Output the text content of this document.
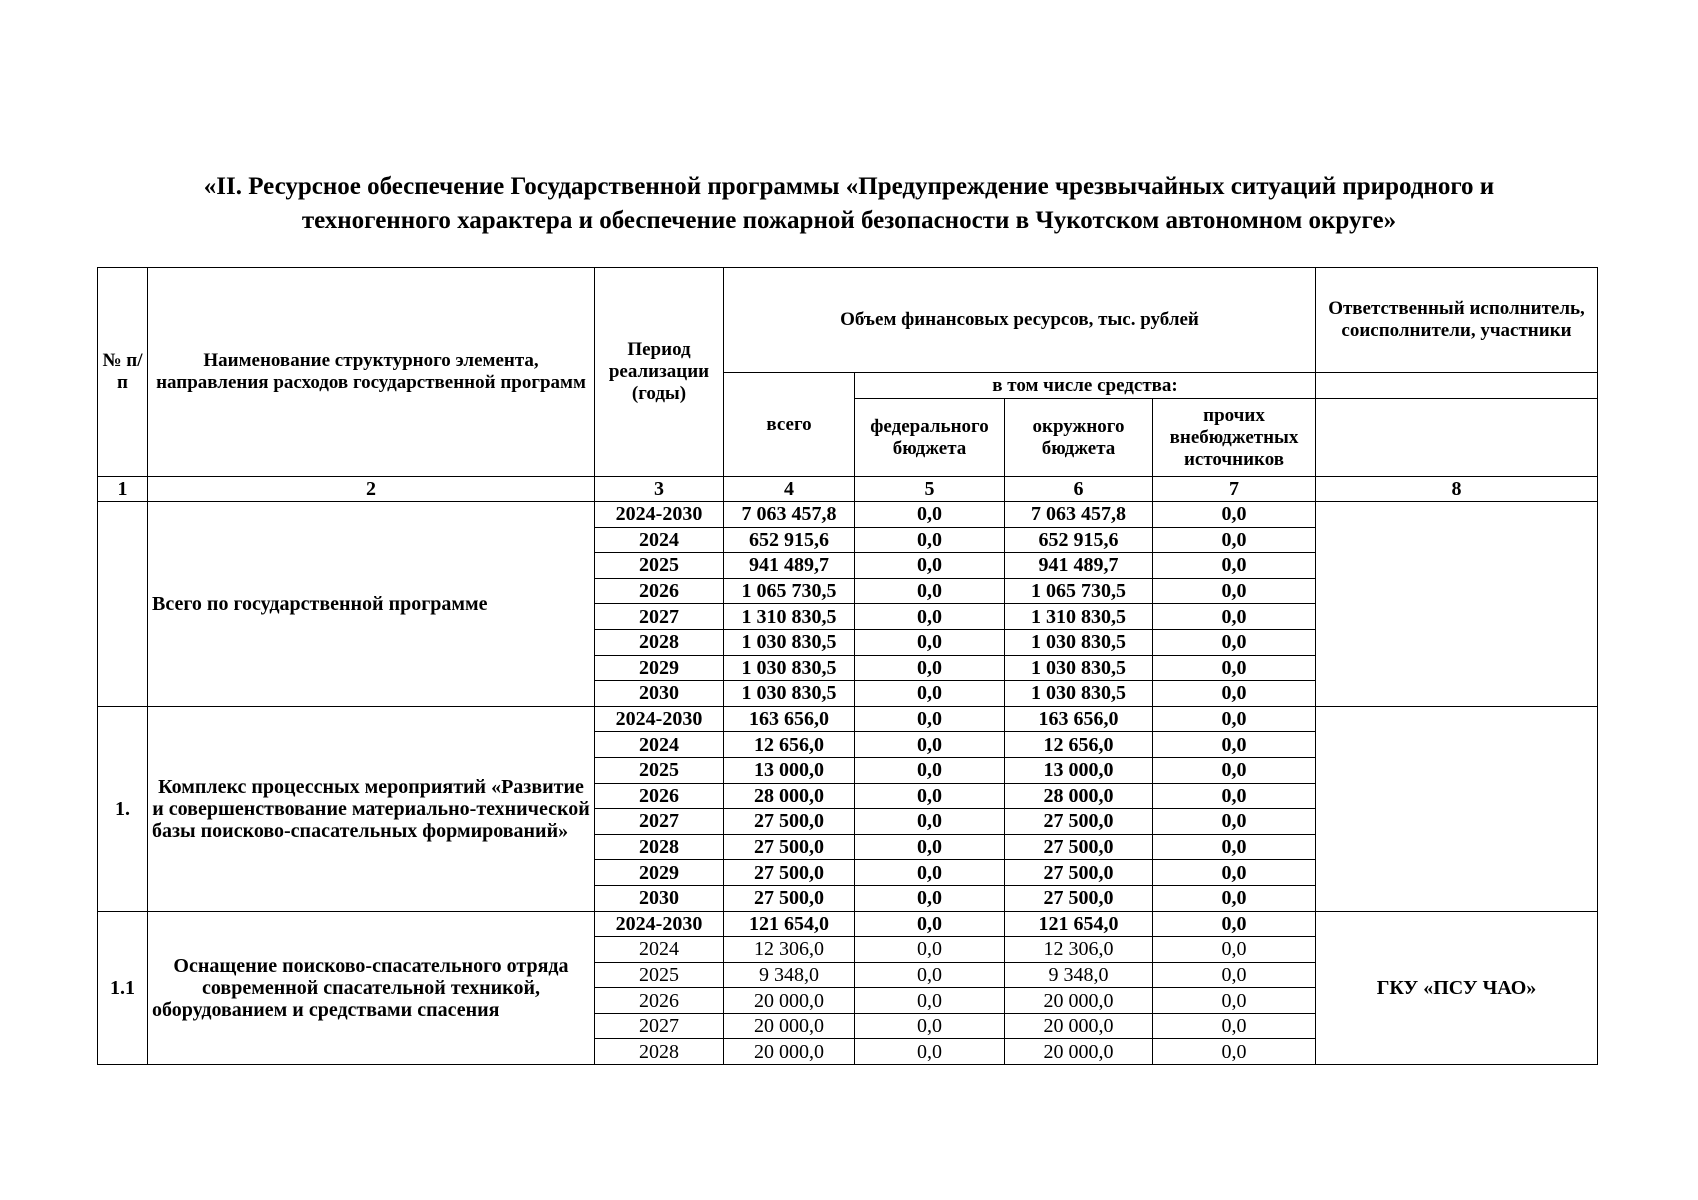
«II. Ресурсное обеспечение Государственной программы «Предупреждение чрезвычайных ситуаций природного и
техногенного характера и обеспечение пожарной безопасности в Чукотском автономном округе»
№ п/п	Наименование структурного элемента, направления расходов государственной программ	Период реализации (годы)	Объем финансовых ресурсов, тыс. рублей				Ответственный исполнитель, соисполнители, участники
			всего	в том числе средства:			
				федерального бюджета	окружного бюджета	прочих внебюджетных источников	
1	2	3	4	5	6	7	8
	Всего по государственной программе	2024-2030	7 063 457,8	0,0	7 063 457,8	0,0	
		2024	652 915,6	0,0	652 915,6	0,0	
		2025	941 489,7	0,0	941 489,7	0,0	
		2026	1 065 730,5	0,0	1 065 730,5	0,0	
		2027	1 310 830,5	0,0	1 310 830,5	0,0	
		2028	1 030 830,5	0,0	1 030 830,5	0,0	
		2029	1 030 830,5	0,0	1 030 830,5	0,0	
		2030	1 030 830,5	0,0	1 030 830,5	0,0	
1.	Комплекс процессных мероприятий «Развитие и совершенствование материально-технической базы поисково-спасательных формирований»	2024-2030	163 656,0	0,0	163 656,0	0,0	
		2024	12 656,0	0,0	12 656,0	0,0	
		2025	13 000,0	0,0	13 000,0	0,0	
		2026	28 000,0	0,0	28 000,0	0,0	
		2027	27 500,0	0,0	27 500,0	0,0	
		2028	27 500,0	0,0	27 500,0	0,0	
		2029	27 500,0	0,0	27 500,0	0,0	
		2030	27 500,0	0,0	27 500,0	0,0	
1.1	Оснащение поисково-спасательного отряда современной спасательной техникой, оборудованием и средствами спасения	2024-2030	121 654,0	0,0	121 654,0	0,0	ГКУ «ПСУ ЧАО»
		2024	12 306,0	0,0	12 306,0	0,0	
		2025	9 348,0	0,0	9 348,0	0,0	
		2026	20 000,0	0,0	20 000,0	0,0	
		2027	20 000,0	0,0	20 000,0	0,0	
		2028	20 000,0	0,0	20 000,0	0,0	
